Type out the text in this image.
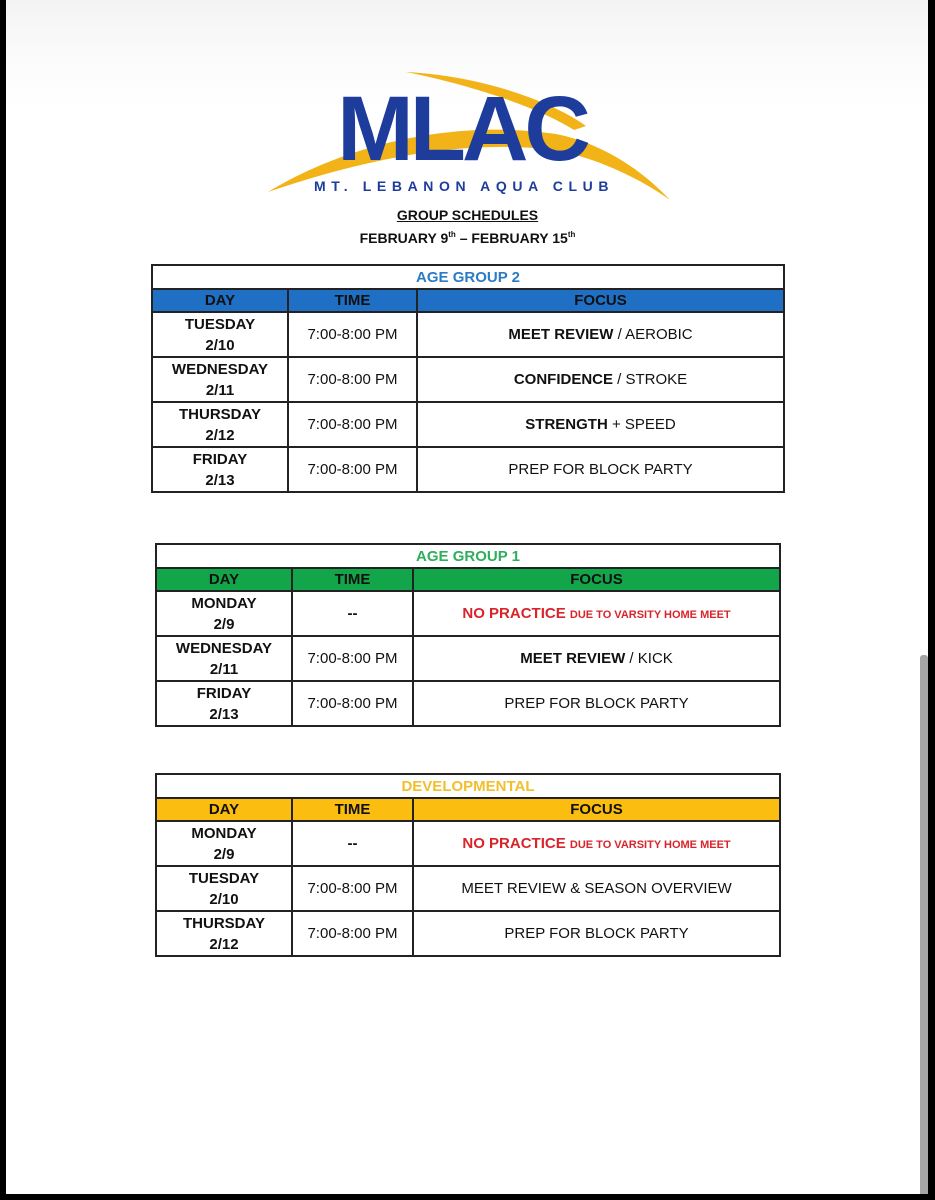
MLAC
MT. LEBANON AQUA CLUB
GROUP SCHEDULES
FEBRUARY 9th – FEBRUARY 15th
AGE GROUP 2		
DAY	TIME	FOCUS

TUESDAY
2/10	7:00-8:00 PM	MEET REVIEW / AEROBIC

WEDNESDAY
2/11	7:00-8:00 PM	CONFIDENCE / STROKE

THURSDAY
2/12	7:00-8:00 PM	STRENGTH + SPEED

FRIDAY
2/13	7:00-8:00 PM	PREP FOR BLOCK PARTY
AGE GROUP 1		
DAY	TIME	FOCUS

MONDAY
2/9	--	NO PRACTICE DUE TO VARSITY HOME MEET

WEDNESDAY
2/11	7:00-8:00 PM	MEET REVIEW / KICK

FRIDAY
2/13	7:00-8:00 PM	PREP FOR BLOCK PARTY
DEVELOPMENTAL		
DAY	TIME	FOCUS

MONDAY
2/9	--	NO PRACTICE DUE TO VARSITY HOME MEET

TUESDAY
2/10	7:00-8:00 PM	MEET REVIEW & SEASON OVERVIEW

THURSDAY
2/12	7:00-8:00 PM	PREP FOR BLOCK PARTY
